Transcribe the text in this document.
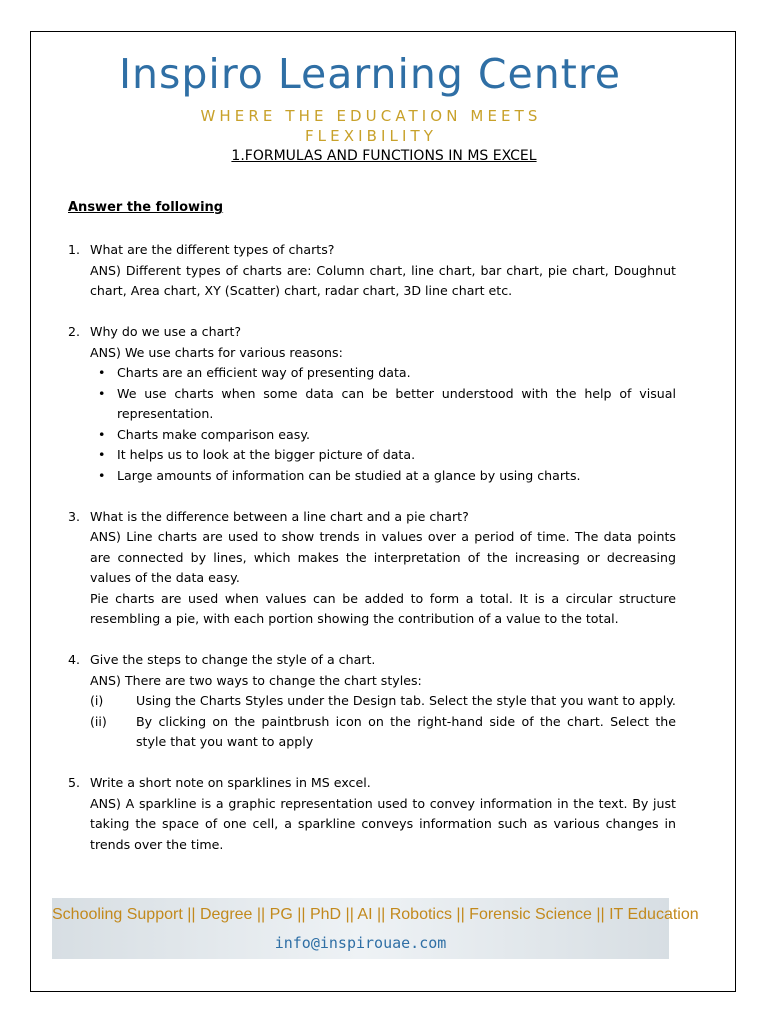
Inspiro Learning Centre
WHERE THE EDUCATION MEETS FLEXIBILITY
1.FORMULAS AND FUNCTIONS IN MS EXCEL
Answer the following
1. What are the different types of charts?
ANS) Different types of charts are: Column chart, line chart, bar chart, pie chart, Doughnut chart, Area chart, XY (Scatter) chart, radar chart, 3D line chart etc.
2. Why do we use a chart?
ANS) We use charts for various reasons:
• Charts are an efficient way of presenting data.
• We use charts when some data can be better understood with the help of visual representation.
• Charts make comparison easy.
• It helps us to look at the bigger picture of data.
• Large amounts of information can be studied at a glance by using charts.
3. What is the difference between a line chart and a pie chart?
ANS) Line charts are used to show trends in values over a period of time. The data points are connected by lines, which makes the interpretation of the increasing or decreasing values of the data easy.
Pie charts are used when values can be added to form a total. It is a circular structure resembling a pie, with each portion showing the contribution of a value to the total.
4. Give the steps to change the style of a chart.
ANS) There are two ways to change the chart styles:
(i)	Using the Charts Styles under the Design tab. Select the style that you want to apply.
(ii)	By clicking on the paintbrush icon on the right-hand side of the chart. Select the style that you want to apply
5. Write a short note on sparklines in MS excel.
ANS) A sparkline is a graphic representation used to convey information in the text. By just taking the space of one cell, a sparkline conveys information such as various changes in trends over the time.
Schooling Support || Degree || PG || PhD || AI || Robotics || Forensic Science || IT Education
info@inspirouae.com
